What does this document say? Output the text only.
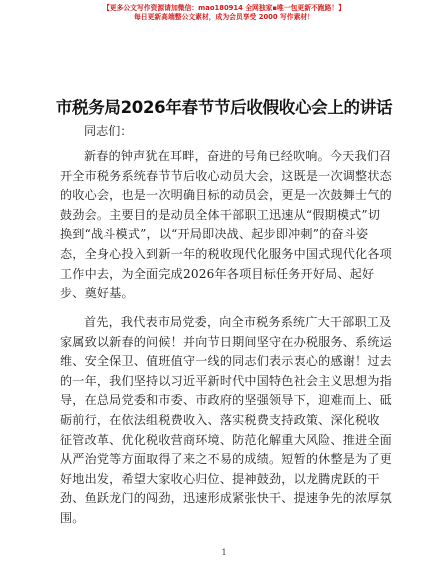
【更多公文写作资源请加微信：mao180914 全网独家▪唯一包更新不跑路！】
每日更新高端整公文素材，成为会员享受 2000 写作素材！
市税务局2026年春节节后收假收心会上的讲话
同志们：
新春的钟声犹在耳畔，奋进的号角已经吹响。今天我们召
开全市税务系统春节节后收心动员大会，这既是一次调整状态
的收心会，也是一次明确目标的动员会，更是一次鼓舞士气的
鼓劲会。主要目的是动员全体干部职工迅速从“假期模式”切
换到“战斗模式”，以“开局即决战、起步即冲刺”的奋斗姿
态，全身心投入到新一年的税收现代化服务中国式现代化各项
工作中去，为全面完成2026年各项目标任务开好局、起好
步、奠好基。
首先，我代表市局党委，向全市税务系统广大干部职工及
家属致以新春的问候！并向节日期间坚守在办税服务、系统运
维、安全保卫、值班值守一线的同志们表示衷心的感谢！过去
的一年，我们坚持以习近平新时代中国特色社会主义思想为指
导，在总局党委和市委、市政府的坚强领导下，迎难而上、砥
砺前行，在依法组税费收入、落实税费支持政策、深化税收
征管改革、优化税收营商环境、防范化解重大风险、推进全面
从严治党等方面取得了来之不易的成绩。短暂的休整是为了更
好地出发，希望大家收心归位、提神鼓劲，以龙腾虎跃的干
劲、鱼跃龙门的闯劲，迅速形成紧张快干、提速争先的浓厚氛
围。
1
